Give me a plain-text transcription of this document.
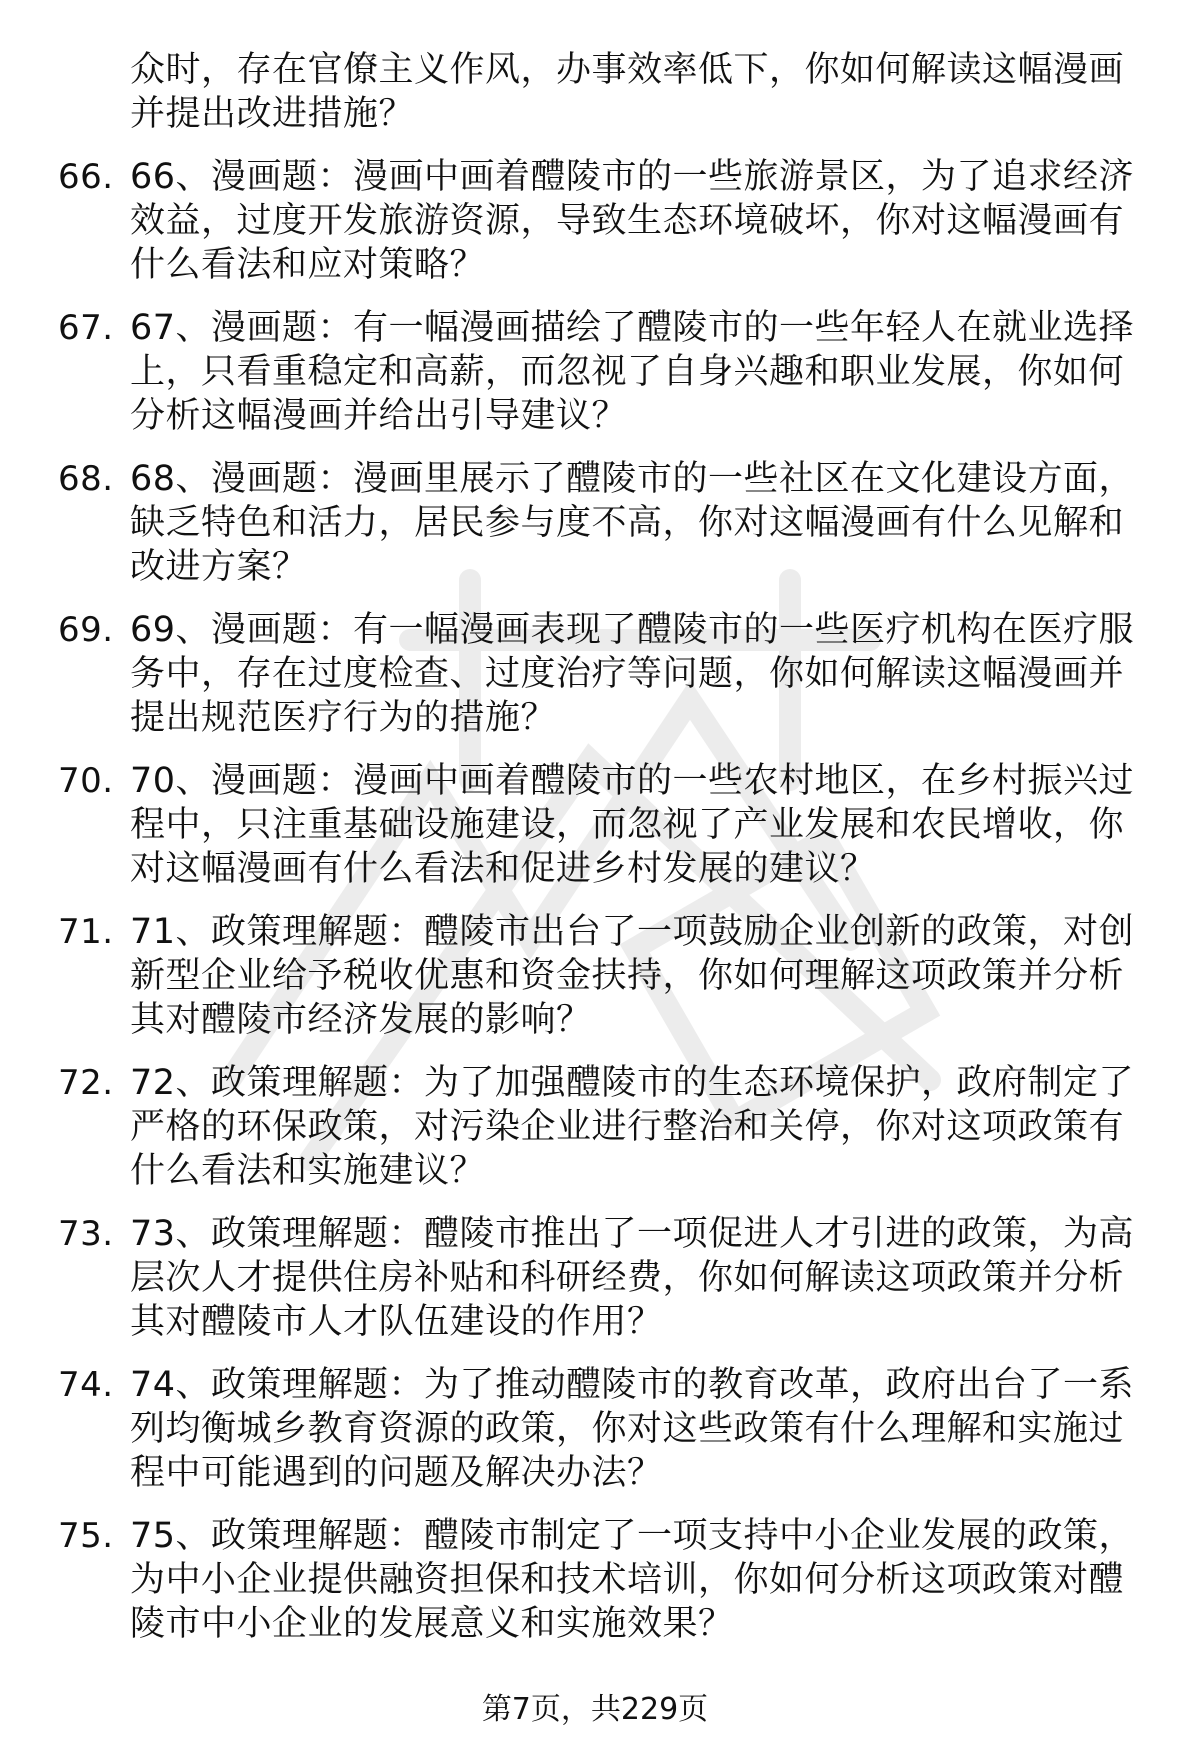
众时，存在官僚主义作风，办事效率低下，你如何解读这幅漫画并提出改进措施？
66. 66、漫画题：漫画中画着醴陵市的一些旅游景区，为了追求经济效益，过度开发旅游资源，导致生态环境破坏，你对这幅漫画有什么看法和应对策略？
67. 67、漫画题：有一幅漫画描绘了醴陵市的一些年轻人在就业选择上，只看重稳定和高薪，而忽视了自身兴趣和职业发展，你如何分析这幅漫画并给出引导建议？
68. 68、漫画题：漫画里展示了醴陵市的一些社区在文化建设方面，缺乏特色和活力，居民参与度不高，你对这幅漫画有什么见解和改进方案？
69. 69、漫画题：有一幅漫画表现了醴陵市的一些医疗机构在医疗服务中，存在过度检查、过度治疗等问题，你如何解读这幅漫画并提出规范医疗行为的措施？
70. 70、漫画题：漫画中画着醴陵市的一些农村地区，在乡村振兴过程中，只注重基础设施建设，而忽视了产业发展和农民增收，你对这幅漫画有什么看法和促进乡村发展的建议？
71. 71、政策理解题：醴陵市出台了一项鼓励企业创新的政策，对创新型企业给予税收优惠和资金扶持，你如何理解这项政策并分析其对醴陵市经济发展的影响？
72. 72、政策理解题：为了加强醴陵市的生态环境保护，政府制定了严格的环保政策，对污染企业进行整治和关停，你对这项政策有什么看法和实施建议？
73. 73、政策理解题：醴陵市推出了一项促进人才引进的政策，为高层次人才提供住房补贴和科研经费，你如何解读这项政策并分析其对醴陵市人才队伍建设的作用？
74. 74、政策理解题：为了推动醴陵市的教育改革，政府出台了一系列均衡城乡教育资源的政策，你对这些政策有什么理解和实施过程中可能遇到的问题及解决办法？
75. 75、政策理解题：醴陵市制定了一项支持中小企业发展的政策，为中小企业提供融资担保和技术培训，你如何分析这项政策对醴陵市中小企业的发展意义和实施效果？
第7页，共229页
